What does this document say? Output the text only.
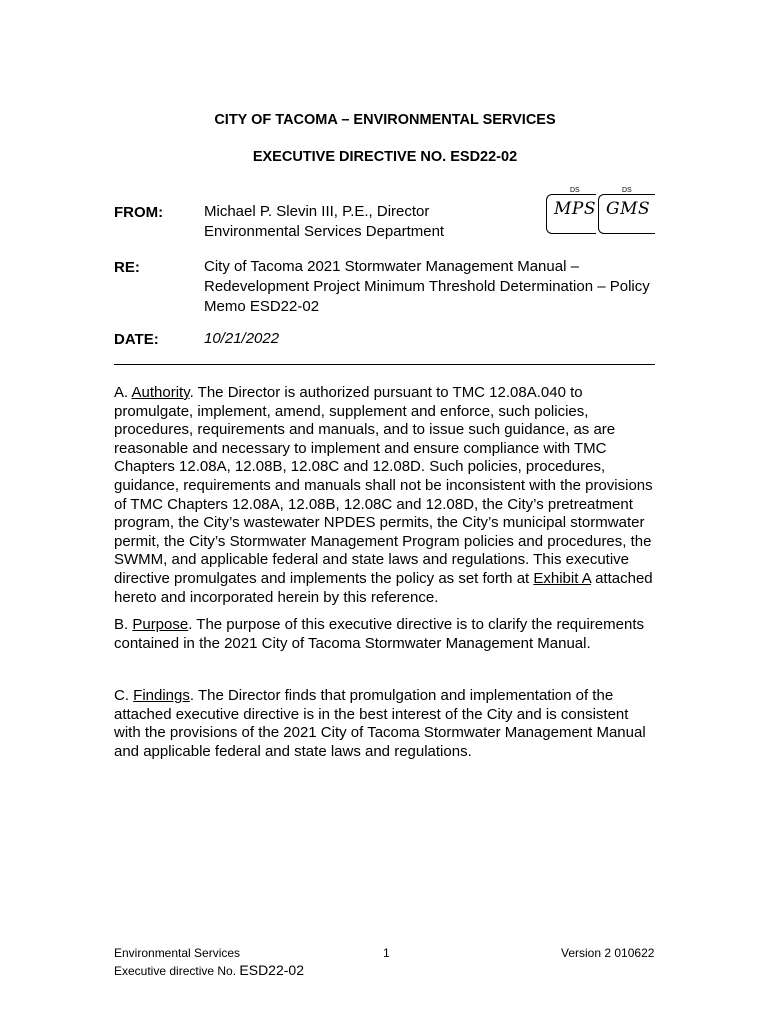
CITY OF TACOMA – ENVIRONMENTAL SERVICES
EXECUTIVE DIRECTIVE NO. ESD22-02
FROM:	Michael P. Slevin III, P.E., Director
Environmental Services Department
DS
MPS
DS
GMS
RE:	City of Tacoma 2021 Stormwater Management Manual –
Redevelopment Project Minimum Threshold Determination – Policy
Memo ESD22-02
DATE:	10/21/2022

A. Authority. The Director is authorized pursuant to TMC 12.08A.040 to promulgate, implement, amend, supplement and enforce, such policies, procedures, requirements and manuals, and to issue such guidance, as are reasonable and necessary to implement and ensure compliance with TMC Chapters 12.08A, 12.08B, 12.08C and 12.08D. Such policies, procedures, guidance, requirements and manuals shall not be inconsistent with the provisions of TMC Chapters 12.08A, 12.08B, 12.08C and 12.08D, the City’s pretreatment program, the City’s wastewater NPDES permits, the City’s municipal stormwater permit, the City’s Stormwater Management Program policies and procedures, the SWMM, and applicable federal and state laws and regulations. This executive directive promulgates and implements the policy as set forth at Exhibit A attached hereto and incorporated herein by this reference.

B. Purpose. The purpose of this executive directive is to clarify the requirements contained in the 2021 City of Tacoma Stormwater Management Manual.

C. Findings. The Director finds that promulgation and implementation of the attached executive directive is in the best interest of the City and is consistent with the provisions of the 2021 City of Tacoma Stormwater Management Manual and applicable federal and state laws and regulations.

Environmental Services
Executive directive No. ESD22-02
1	Version 2 010622
